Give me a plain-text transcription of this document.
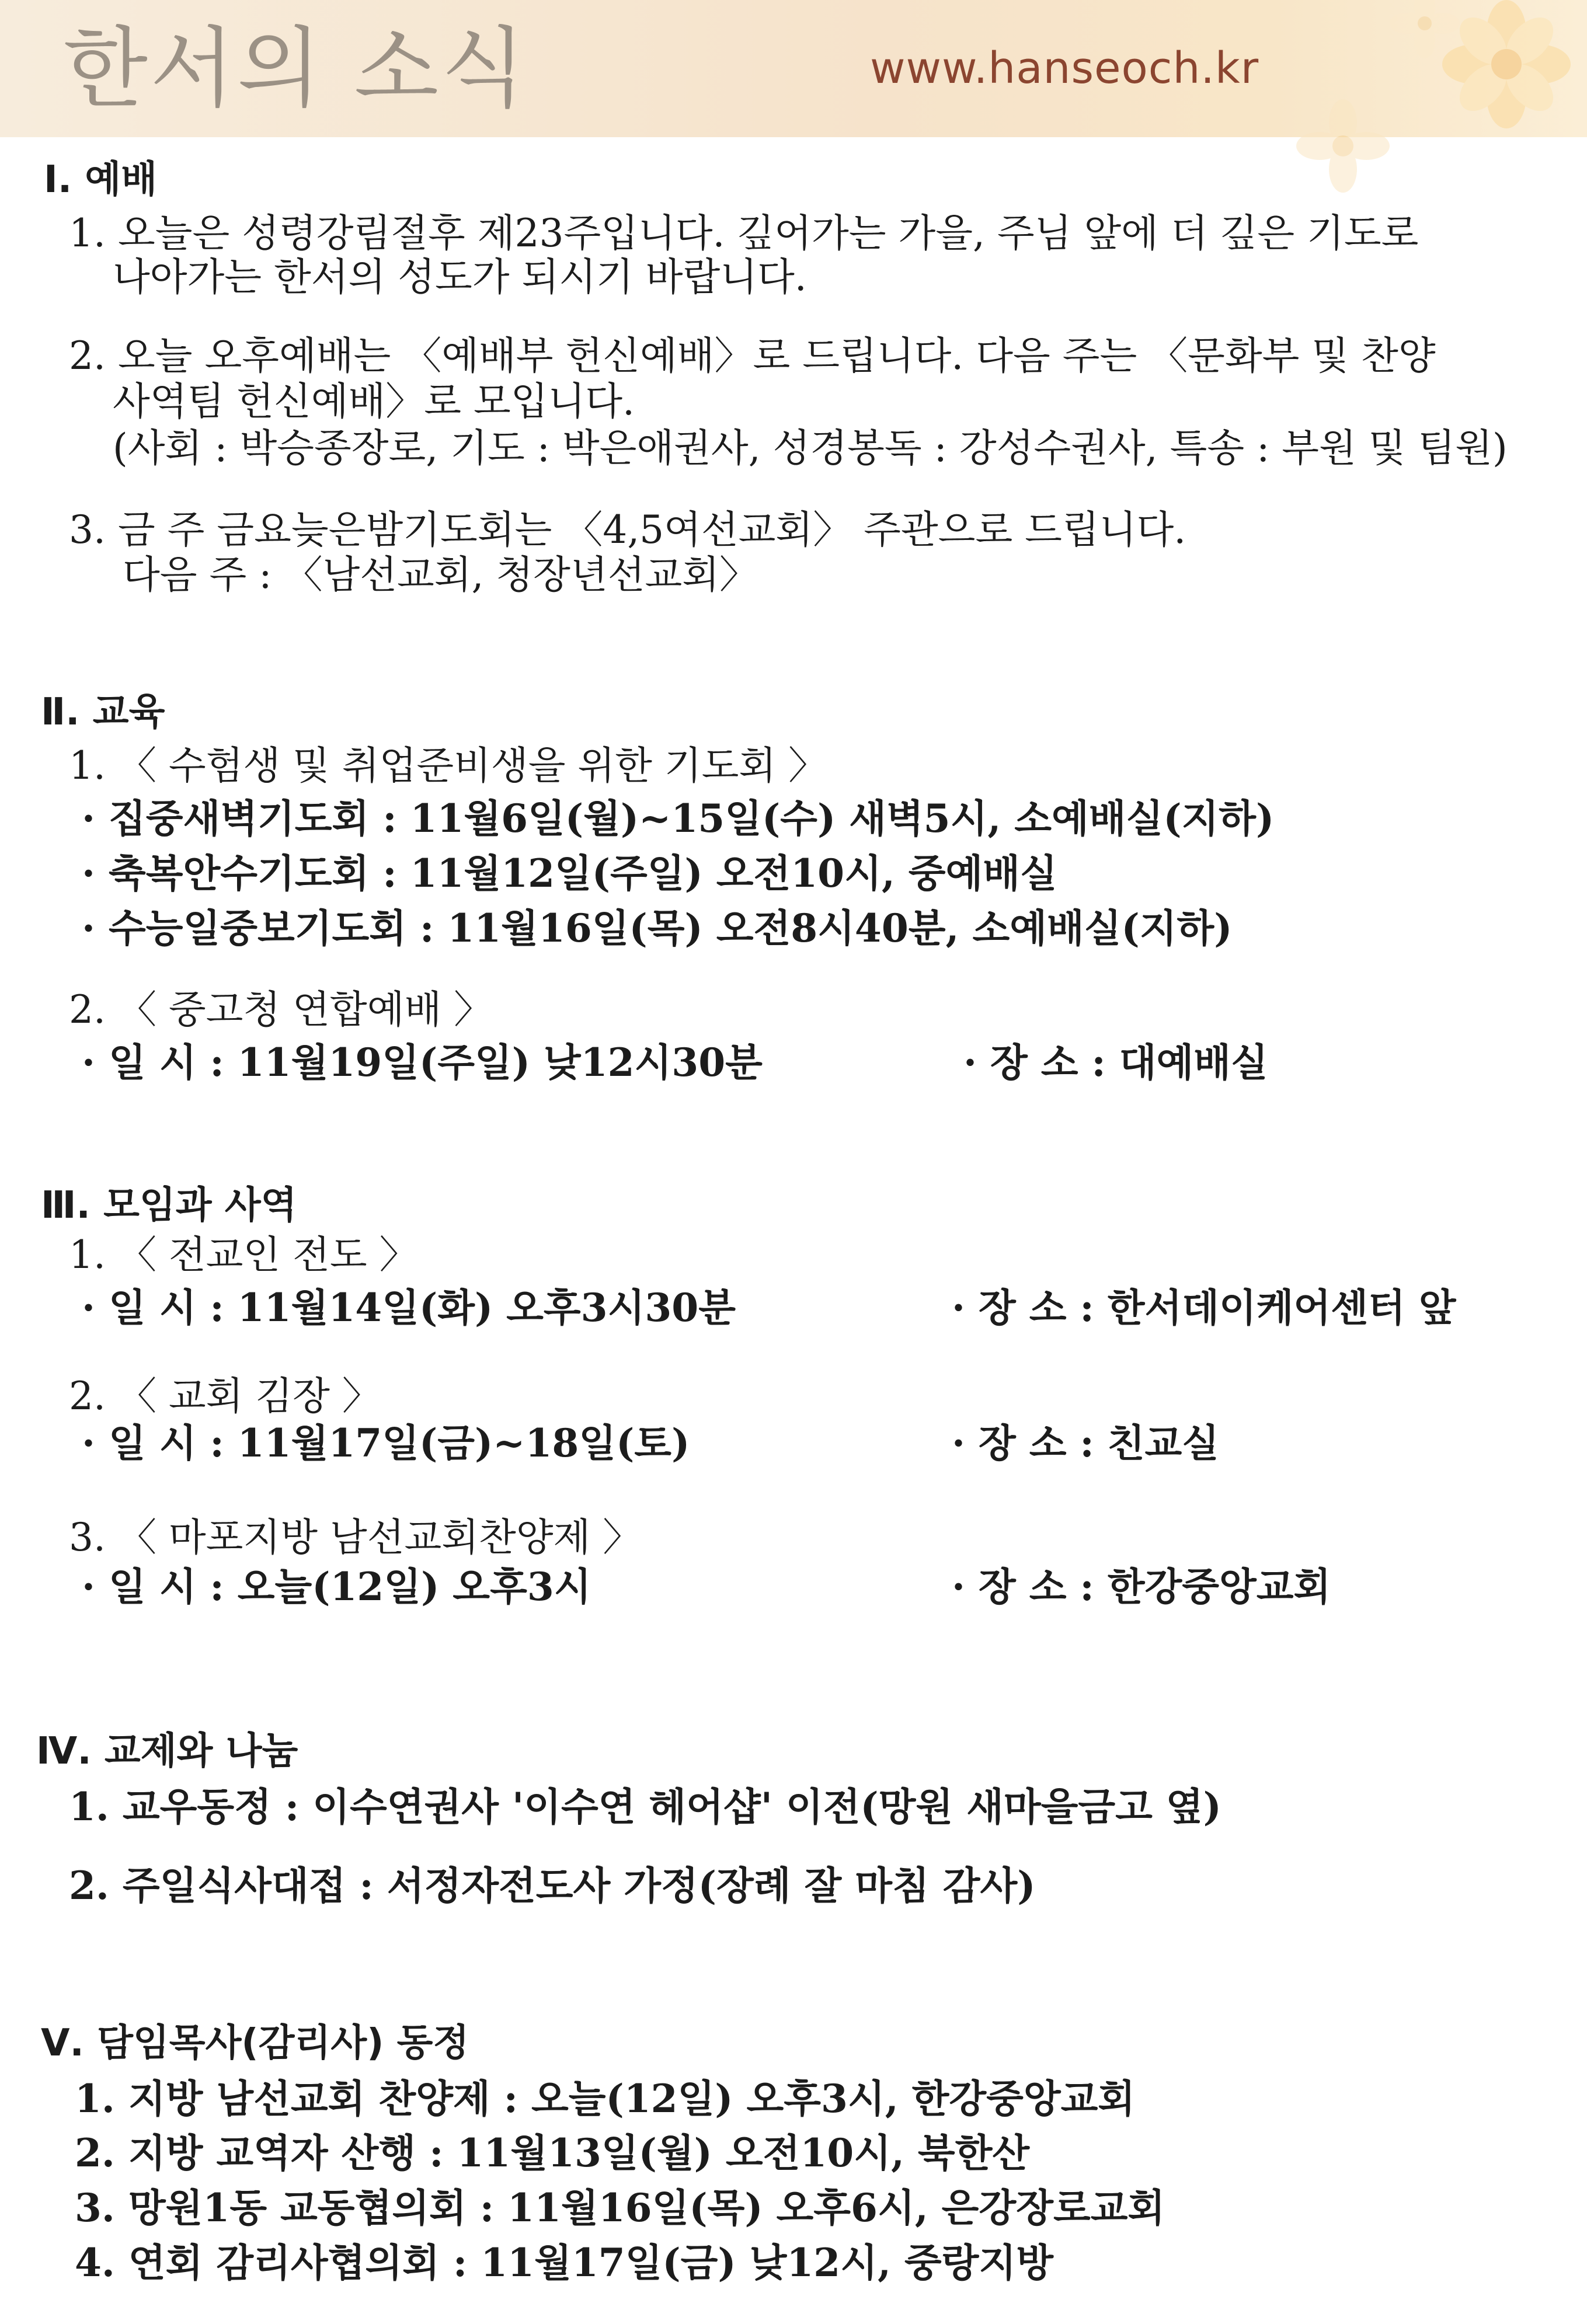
한서의 소식	www.hanseoch.kr
Ⅰ. 예배
1. 오늘은 성령강림절후 제23주입니다. 깊어가는 가을, 주님 앞에 더 깊은 기도로
나아가는 한서의 성도가 되시기 바랍니다.
2. 오늘 오후예배는 〈예배부 헌신예배〉로 드립니다. 다음 주는 〈문화부 및 찬양
사역팀 헌신예배〉로 모입니다.
(사회 : 박승종장로, 기도 : 박은애권사, 성경봉독 : 강성수권사, 특송 : 부원 및 팀원)
3. 금 주 금요늦은밤기도회는 〈4,5여선교회〉 주관으로 드립니다.
다음 주 : 〈남선교회, 청장년선교회〉
Ⅱ. 교육
1. 〈 수험생 및 취업준비생을 위한 기도회 〉
· 집중새벽기도회 : 11월6일(월)~15일(수) 새벽5시, 소예배실(지하)
· 축복안수기도회 : 11월12일(주일) 오전10시, 중예배실
· 수능일중보기도회 : 11월16일(목) 오전8시40분, 소예배실(지하)
2. 〈 중고청 연합예배 〉
· 일 시 : 11월19일(주일) 낮12시30분	· 장 소 : 대예배실
Ⅲ. 모임과 사역
1. 〈 전교인 전도 〉
· 일 시 : 11월14일(화) 오후3시30분	· 장 소 : 한서데이케어센터 앞
2. 〈 교회 김장 〉
· 일 시 : 11월17일(금)~18일(토)	· 장 소 : 친교실
3. 〈 마포지방 남선교회찬양제 〉
· 일 시 : 오늘(12일) 오후3시	· 장 소 : 한강중앙교회
Ⅳ. 교제와 나눔
1. 교우동정 : 이수연권사 '이수연 헤어샵' 이전(망원 새마을금고 옆)
2. 주일식사대접 : 서정자전도사 가정(장례 잘 마침 감사)
Ⅴ. 담임목사(감리사) 동정
1. 지방 남선교회 찬양제 : 오늘(12일) 오후3시, 한강중앙교회
2. 지방 교역자 산행 : 11월13일(월) 오전10시, 북한산
3. 망원1동 교동협의회 : 11월16일(목) 오후6시, 은강장로교회
4. 연회 감리사협의회 : 11월17일(금) 낮12시, 중랑지방
